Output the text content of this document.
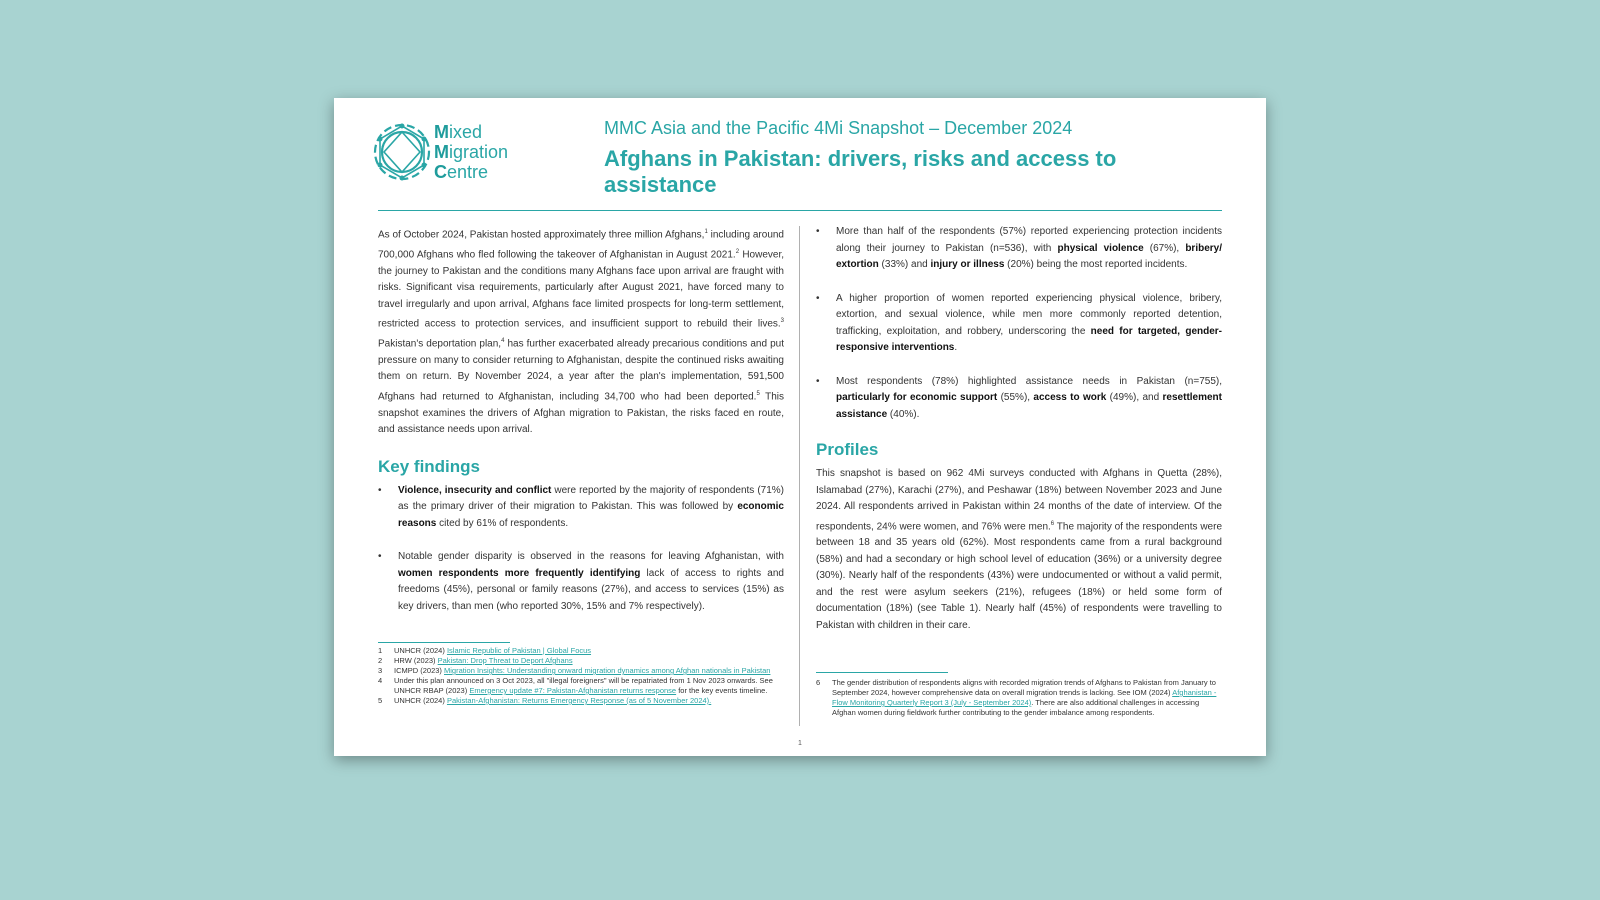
Mixed
Migration
Centre
MMC Asia and the Pacific 4Mi Snapshot – December 2024
Afghans in Pakistan: drivers, risks and access to assistance

As of October 2024, Pakistan hosted approximately three million Afghans,$^1$ including around 700,000 Afghans who fled following the takeover of Afghanistan in August 2021.$^2$ However, the journey to Pakistan and the conditions many Afghans face upon arrival are fraught with risks. Significant visa requirements, particularly after August 2021, have forced many to travel irregularly and upon arrival, Afghans face limited prospects for long-term settlement, restricted access to protection services, and insufficient support to rebuild their lives.$^3$ Pakistan's deportation plan,$^4$ has further exacerbated already precarious conditions and put pressure on many to consider returning to Afghanistan, despite the continued risks awaiting them on return. By November 2024, a year after the plan's implementation, 591,500 Afghans had returned to Afghanistan, including 34,700 who had been deported.$^5$ This snapshot examines the drivers of Afghan migration to Pakistan, the risks faced en route, and assistance needs upon arrival.

Key findings
• Violence, insecurity and conflict were reported by the majority of respondents (71%) as the primary driver of their migration to Pakistan. This was followed by economic reasons cited by 61% of respondents.
• Notable gender disparity is observed in the reasons for leaving Afghanistan, with women respondents more frequently identifying lack of access to rights and freedoms (45%), personal or family reasons (27%), and access to services (15%) as key drivers, than men (who reported 30%, 15% and 7% respectively).
• More than half of the respondents (57%) reported experiencing protection incidents along their journey to Pakistan (n=536), with physical violence (67%), bribery/ extortion (33%) and injury or illness (20%) being the most reported incidents.
• A higher proportion of women reported experiencing physical violence, bribery, extortion, and sexual violence, while men more commonly reported detention, trafficking, exploitation, and robbery, underscoring the need for targeted, gender-responsive interventions.
• Most respondents (78%) highlighted assistance needs in Pakistan (n=755), particularly for economic support (55%), access to work (49%), and resettlement assistance (40%).
Profiles

This snapshot is based on 962 4Mi surveys conducted with Afghans in Quetta (28%), Islamabad (27%), Karachi (27%), and Peshawar (18%) between November 2023 and June 2024. All respondents arrived in Pakistan within 24 months of the date of interview. Of the respondents, 24% were women, and 76% were men.$^6$ The majority of the respondents were between 18 and 35 years old (62%). Most respondents came from a rural background (58%) and had a secondary or high school level of education (36%) or a university degree (30%). Nearly half of the respondents (43%) were undocumented or without a valid permit, and the rest were asylum seekers (21%), refugees (18%) or held some form of documentation (18%) (see Table 1). Nearly half (45%) of respondents were travelling to Pakistan with children in their care.

1 UNHCR (2024) Islamic Republic of Pakistan | Global Focus
2 HRW (2023) Pakistan: Drop Threat to Deport Afghans
3 ICMPD (2023) Migration Insights: Understanding onward migration dynamics among Afghan nationals in Pakistan
4 Under this plan announced on 3 Oct 2023, all "illegal foreigners" will be repatriated from 1 Nov 2023 onwards. See UNHCR RBAP (2023) Emergency update #7: Pakistan-Afghanistan returns response for the key events timeline.
5 UNHCR (2024) Pakistan-Afghanistan: Returns Emergency Response (as of 5 November 2024).
6 The gender distribution of respondents aligns with recorded migration trends of Afghans to Pakistan from January to September 2024, however comprehensive data on overall migration trends is lacking. See IOM (2024) Afghanistan - Flow Monitoring Quarterly Report 3 (July - September 2024). There are also additional challenges in accessing Afghan women during fieldwork further contributing to the gender imbalance among respondents.
1
